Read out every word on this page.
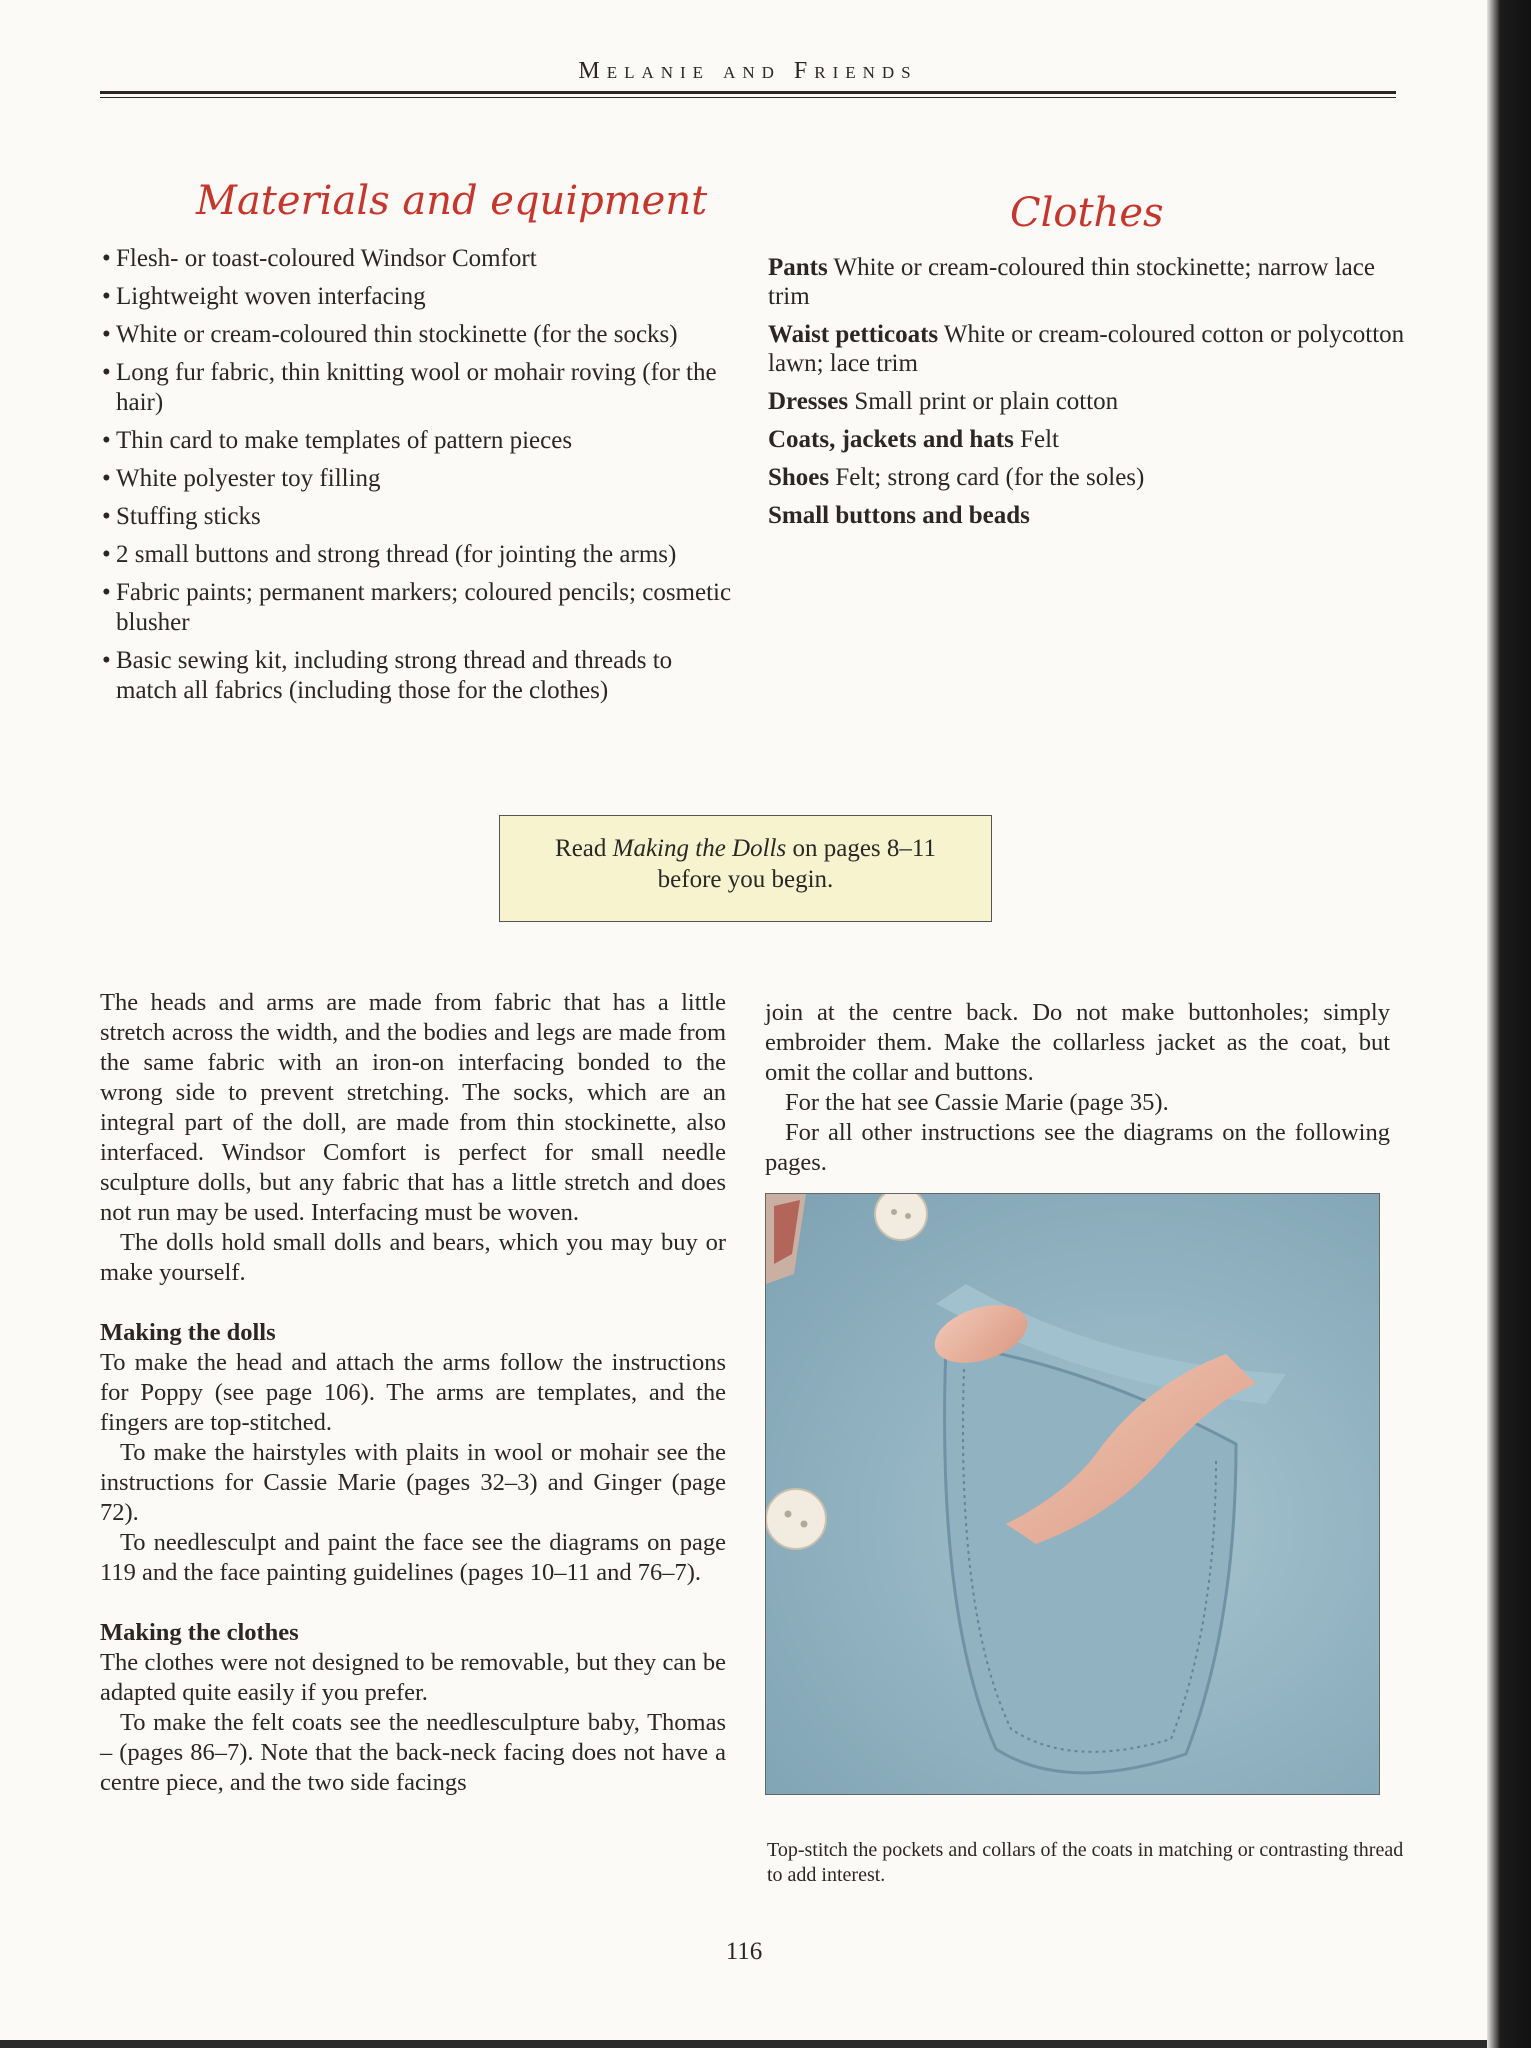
Melanie and Friends
Materials and equipment
• Flesh- or toast-coloured Windsor Comfort
• Lightweight woven interfacing
• White or cream-coloured thin stockinette (for the socks)
• Long fur fabric, thin knitting wool or mohair roving (for the hair)
• Thin card to make templates of pattern pieces
• White polyester toy filling
• Stuffing sticks
• 2 small buttons and strong thread (for jointing the arms)
• Fabric paints; permanent markers; coloured pencils; cosmetic blusher
• Basic sewing kit, including strong thread and threads to match all fabrics (including those for the clothes)
Clothes
Pants White or cream-coloured thin stockinette; narrow lace trim
Waist petticoats White or cream-coloured cotton or polycotton lawn; lace trim
Dresses Small print or plain cotton
Coats, jackets and hats Felt
Shoes Felt; strong card (for the soles)
Small buttons and beads
Read Making the Dolls on pages 8–11
before you begin.

The heads and arms are made from fabric that has a little stretch across the width, and the bodies and legs are made from the same fabric with an iron-on interfacing bonded to the wrong side to prevent stretching. The socks, which are an integral part of the doll, are made from thin stockinette, also interfaced. Windsor Comfort is perfect for small needle sculpture dolls, but any fabric that has a little stretch and does not run may be used. Interfacing must be woven.

The dolls hold small dolls and bears, which you may buy or make yourself.

Making the dolls

To make the head and attach the arms follow the instructions for Poppy (see page 106). The arms are templates, and the fingers are top-stitched.

To make the hairstyles with plaits in wool or mohair see the instructions for Cassie Marie (pages 32–3) and Ginger (page 72).

To needlesculpt and paint the face see the diagrams on page 119 and the face painting guidelines (pages 10–11 and 76–7).

Making the clothes

The clothes were not designed to be removable, but they can be adapted quite easily if you prefer.

To make the felt coats see the needlesculpture baby, Thomas – (pages 86–7). Note that the back-neck facing does not have a centre piece, and the two side facings

join at the centre back. Do not make buttonholes; simply embroider them. Make the collarless jacket as the coat, but omit the collar and buttons.

For the hat see Cassie Marie (page 35).

For all other instructions see the diagrams on the following pages.

Top-stitch the pockets and collars of the coats in matching or contrasting thread to add interest.
116
